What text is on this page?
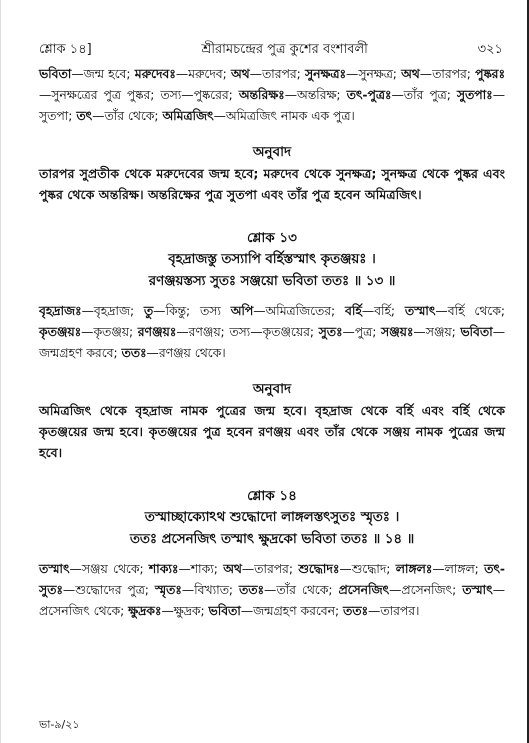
শ্লোক ১৪]	শ্রীরামচন্দ্রের পুত্র কুশের বংশাবলী	৩২১

ভবিতা—জন্ম হবে; মরুদেবঃ—মরুদেব; অথ—তারপর; সুনক্ষত্রঃ—সুনক্ষত্র; অথ—তারপর; পুষ্করঃ—সুনক্ষত্রের পুত্র পুষ্কর; তস্য—পুষ্করের; অন্তরিক্ষঃ—অন্তরিক্ষ; তৎ-পুত্রঃ—তাঁর পুত্র; সুতপাঃ—সুতপা; তৎ—তাঁর থেকে; অমিত্রজিৎ—অমিত্রজিৎ নামক এক পুত্র।

অনুবাদ

তারপর সুপ্রতীক থেকে মরুদেবের জন্ম হবে; মরুদেব থেকে সুনক্ষত্র; সুনক্ষত্র থেকে পুষ্কর এবং পুষ্কর থেকে অন্তরিক্ষ। অন্তরিক্ষের পুত্র সুতপা এবং তাঁর পুত্র হবেন অমিত্রজিৎ।

শ্লোক ১৩
বৃহদ্রাজস্তু তস্যাপি বর্হিস্তস্মাৎ কৃতঞ্জয়ঃ ।
রণঞ্জয়স্তস্য সুতঃ সঞ্জয়ো ভবিতা ততঃ ॥ ১৩ ॥

বৃহদ্রাজঃ—বৃহদ্রাজ; তু—কিন্তু; তস্য অপি—অমিত্রজিতের; বর্হি—বর্হি; তস্মাৎ—বর্হি থেকে; কৃতঞ্জয়ঃ—কৃতঞ্জয়; রণঞ্জয়ঃ—রণঞ্জয়; তস্য—কৃতঞ্জয়ের; সুতঃ—পুত্র; সঞ্জয়ঃ—সঞ্জয়; ভবিতা—জন্মগ্রহণ করবে; ততঃ—রণঞ্জয় থেকে।

অনুবাদ

অমিত্রজিৎ থেকে বৃহদ্রাজ নামক পুত্রের জন্ম হবে। বৃহদ্রাজ থেকে বর্হি এবং বর্হি থেকে কৃতঞ্জয়ের জন্ম হবে। কৃতঞ্জয়ের পুত্র হবেন রণঞ্জয় এবং তাঁর থেকে সঞ্জয় নামক পুত্রের জন্ম হবে।

শ্লোক ১৪
তস্মাচ্ছাক্যোঽথ শুদ্ধোদো লাঙ্গলস্তৎসুতঃ স্মৃতঃ ।
ততঃ প্রসেনজিৎ তস্মাৎ ক্ষুদ্রকো ভবিতা ততঃ ॥ ১৪ ॥

তস্মাৎ—সঞ্জয় থেকে; শাক্যঃ—শাক্য; অথ—তারপর; শুদ্ধোদঃ—শুদ্ধোদ; লাঙ্গলঃ—লাঙ্গল; তৎ-সুতঃ—শুদ্ধোদের পুত্র; স্মৃতঃ—বিখ্যাত; ততঃ—তাঁর থেকে; প্রসেনজিৎ—প্রসেনজিৎ; তস্মাৎ—প্রসেনজিৎ থেকে; ক্ষুদ্রকঃ—ক্ষুদ্রক; ভবিতা—জন্মগ্রহণ করবেন; ততঃ—তারপর।

ভা-৯/২১
